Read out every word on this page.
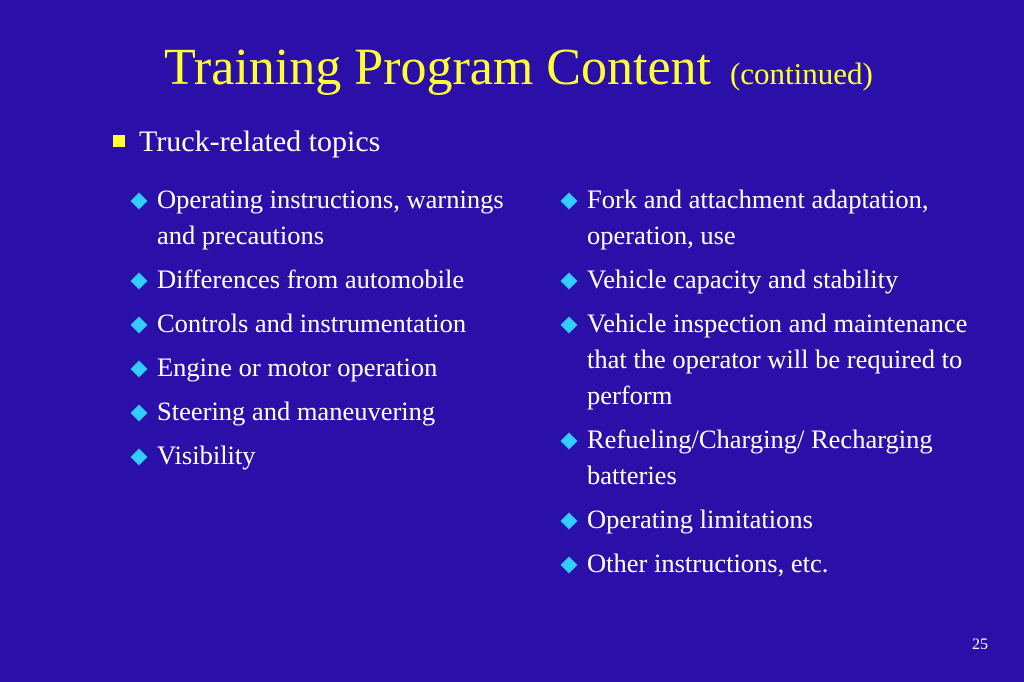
Training Program Content (continued)
Truck-related topics
Operating instructions, warnings and precautions
Differences from automobile
Controls and instrumentation
Engine or motor operation
Steering and maneuvering
Visibility
Fork and attachment adaptation, operation, use
Vehicle capacity and stability
Vehicle inspection and maintenance that the operator will be required to perform
Refueling/Charging/ Recharging batteries
Operating limitations
Other instructions, etc.
25
